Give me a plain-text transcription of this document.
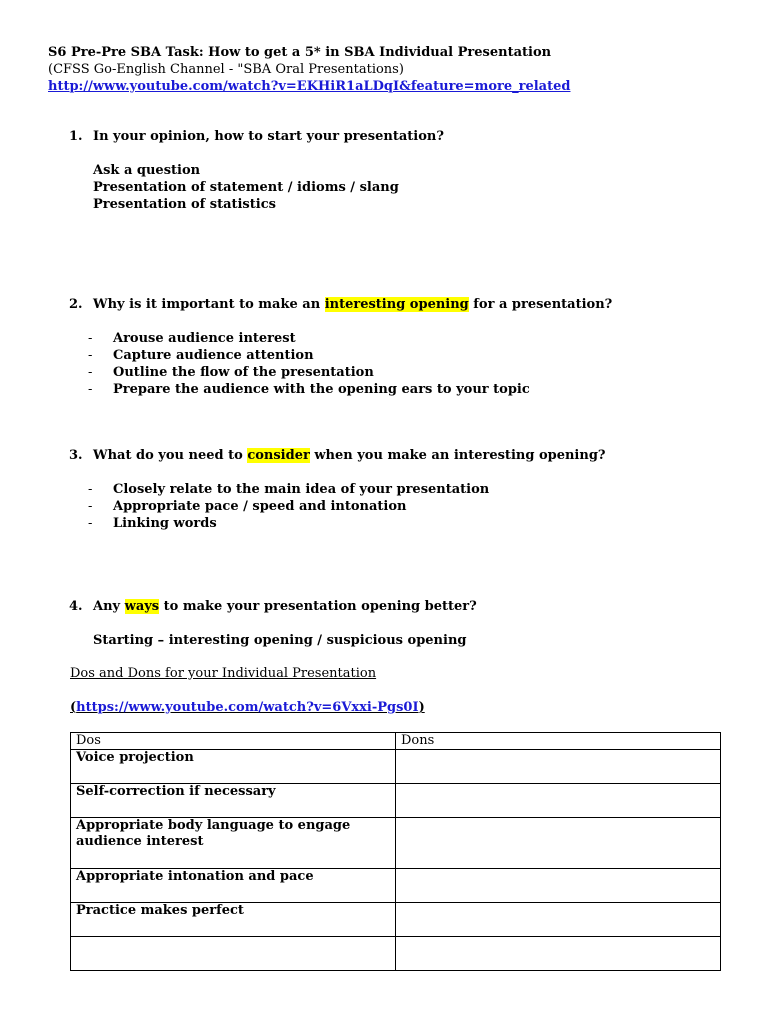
S6 Pre-Pre SBA Task: How to get a 5* in SBA Individual Presentation
(CFSS Go-English Channel - "SBA Oral Presentations)
http://www.youtube.com/watch?v=EKHiR1aLDqI&feature=more_related
1. In your opinion, how to start your presentation?
Ask a question
Presentation of statement / idioms / slang
Presentation of statistics
2. Why is it important to make an interesting opening for a presentation?
- Arouse audience interest
- Capture audience attention
- Outline the flow of the presentation
- Prepare the audience with the opening ears to your topic
3. What do you need to consider when you make an interesting opening?
- Closely relate to the main idea of your presentation
- Appropriate pace / speed and intonation
- Linking words
4. Any ways to make your presentation opening better?
Starting – interesting opening / suspicious opening
Dos and Dons for your Individual Presentation
(https://www.youtube.com/watch?v=6Vxxi-Pgs0I)
Dos	Dons
Voice projection	
Self-correction if necessary	
Appropriate body language to engage audience interest	
Appropriate intonation and pace	
Practice makes perfect	
